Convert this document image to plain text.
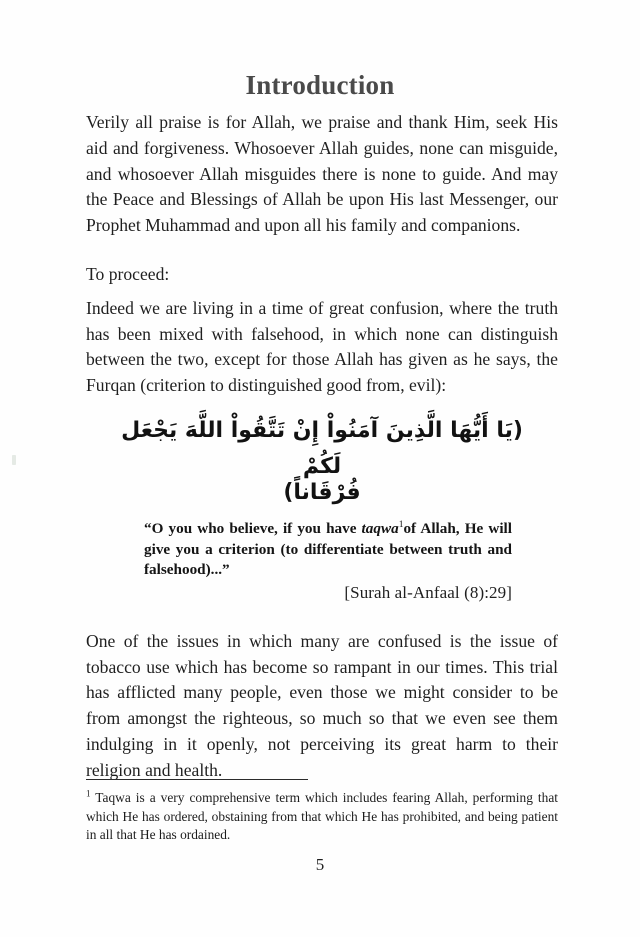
Introduction

Verily all praise is for Allah, we praise and thank Him, seek His aid and forgiveness. Whosoever Allah guides, none can misguide, and whosoever Allah misguides there is none to guide. And may the Peace and Blessings of Allah be upon His last Messenger, our Prophet Muhammad and upon all his family and companions.

To proceed:

Indeed we are living in a time of great confusion, where the truth has been mixed with falsehood, in which none can distinguish between the two, except for those Allah has given as he says, the Furqan (criterion to distinguished good from, evil):

(يَا أَيُّهَا الَّذِينَ آمَنُواْ إِنْ تَتَّقُواْ اللَّهَ يَجْعَل لَكُمْ
فُرْقَاناً)
“O you who believe, if you have taqwa$^1$of Allah, He will give you a criterion (to differentiate between truth and falsehood)...”
[Surah al-Anfaal (8):29]

One of the issues in which many are confused is the issue of tobacco use which has become so rampant in our times. This trial has afflicted many people, even those we might consider to be from amongst the righteous, so much so that we even see them indulging in it openly, not perceiving its great harm to their religion and health.

$^1$ Taqwa is a very comprehensive term which includes fearing Allah, performing that which He has ordered, obstaining from that which He has prohibited, and being patient in all that He has ordained.

5
